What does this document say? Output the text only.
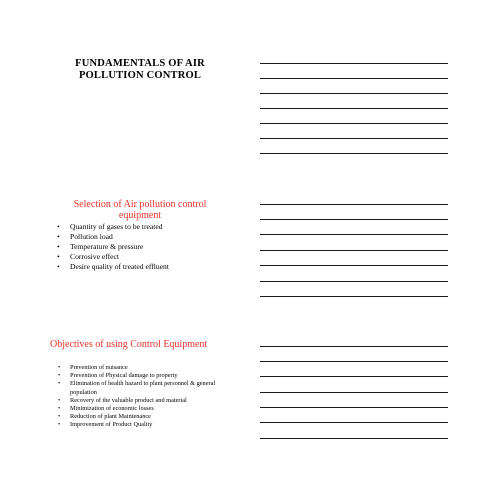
FUNDAMENTALS OF AIR
POLLUTION CONTROL
Selection of Air pollution control
equipment
• Quantity of gases to be treated
• Pollution load
• Temperature & pressure
• Corrosive effect
• Desire quality of treated effluent
Objectives of using Control Equipment
• Prevention of nuisance
• Prevention of Physical damage to property
• Elimination of health hazard to plant personnel & general population
• Recovery of the valuable product and material
• Minimization of economic losses
• Reduction of plant Maintenance
• Improvement of Product Quality
